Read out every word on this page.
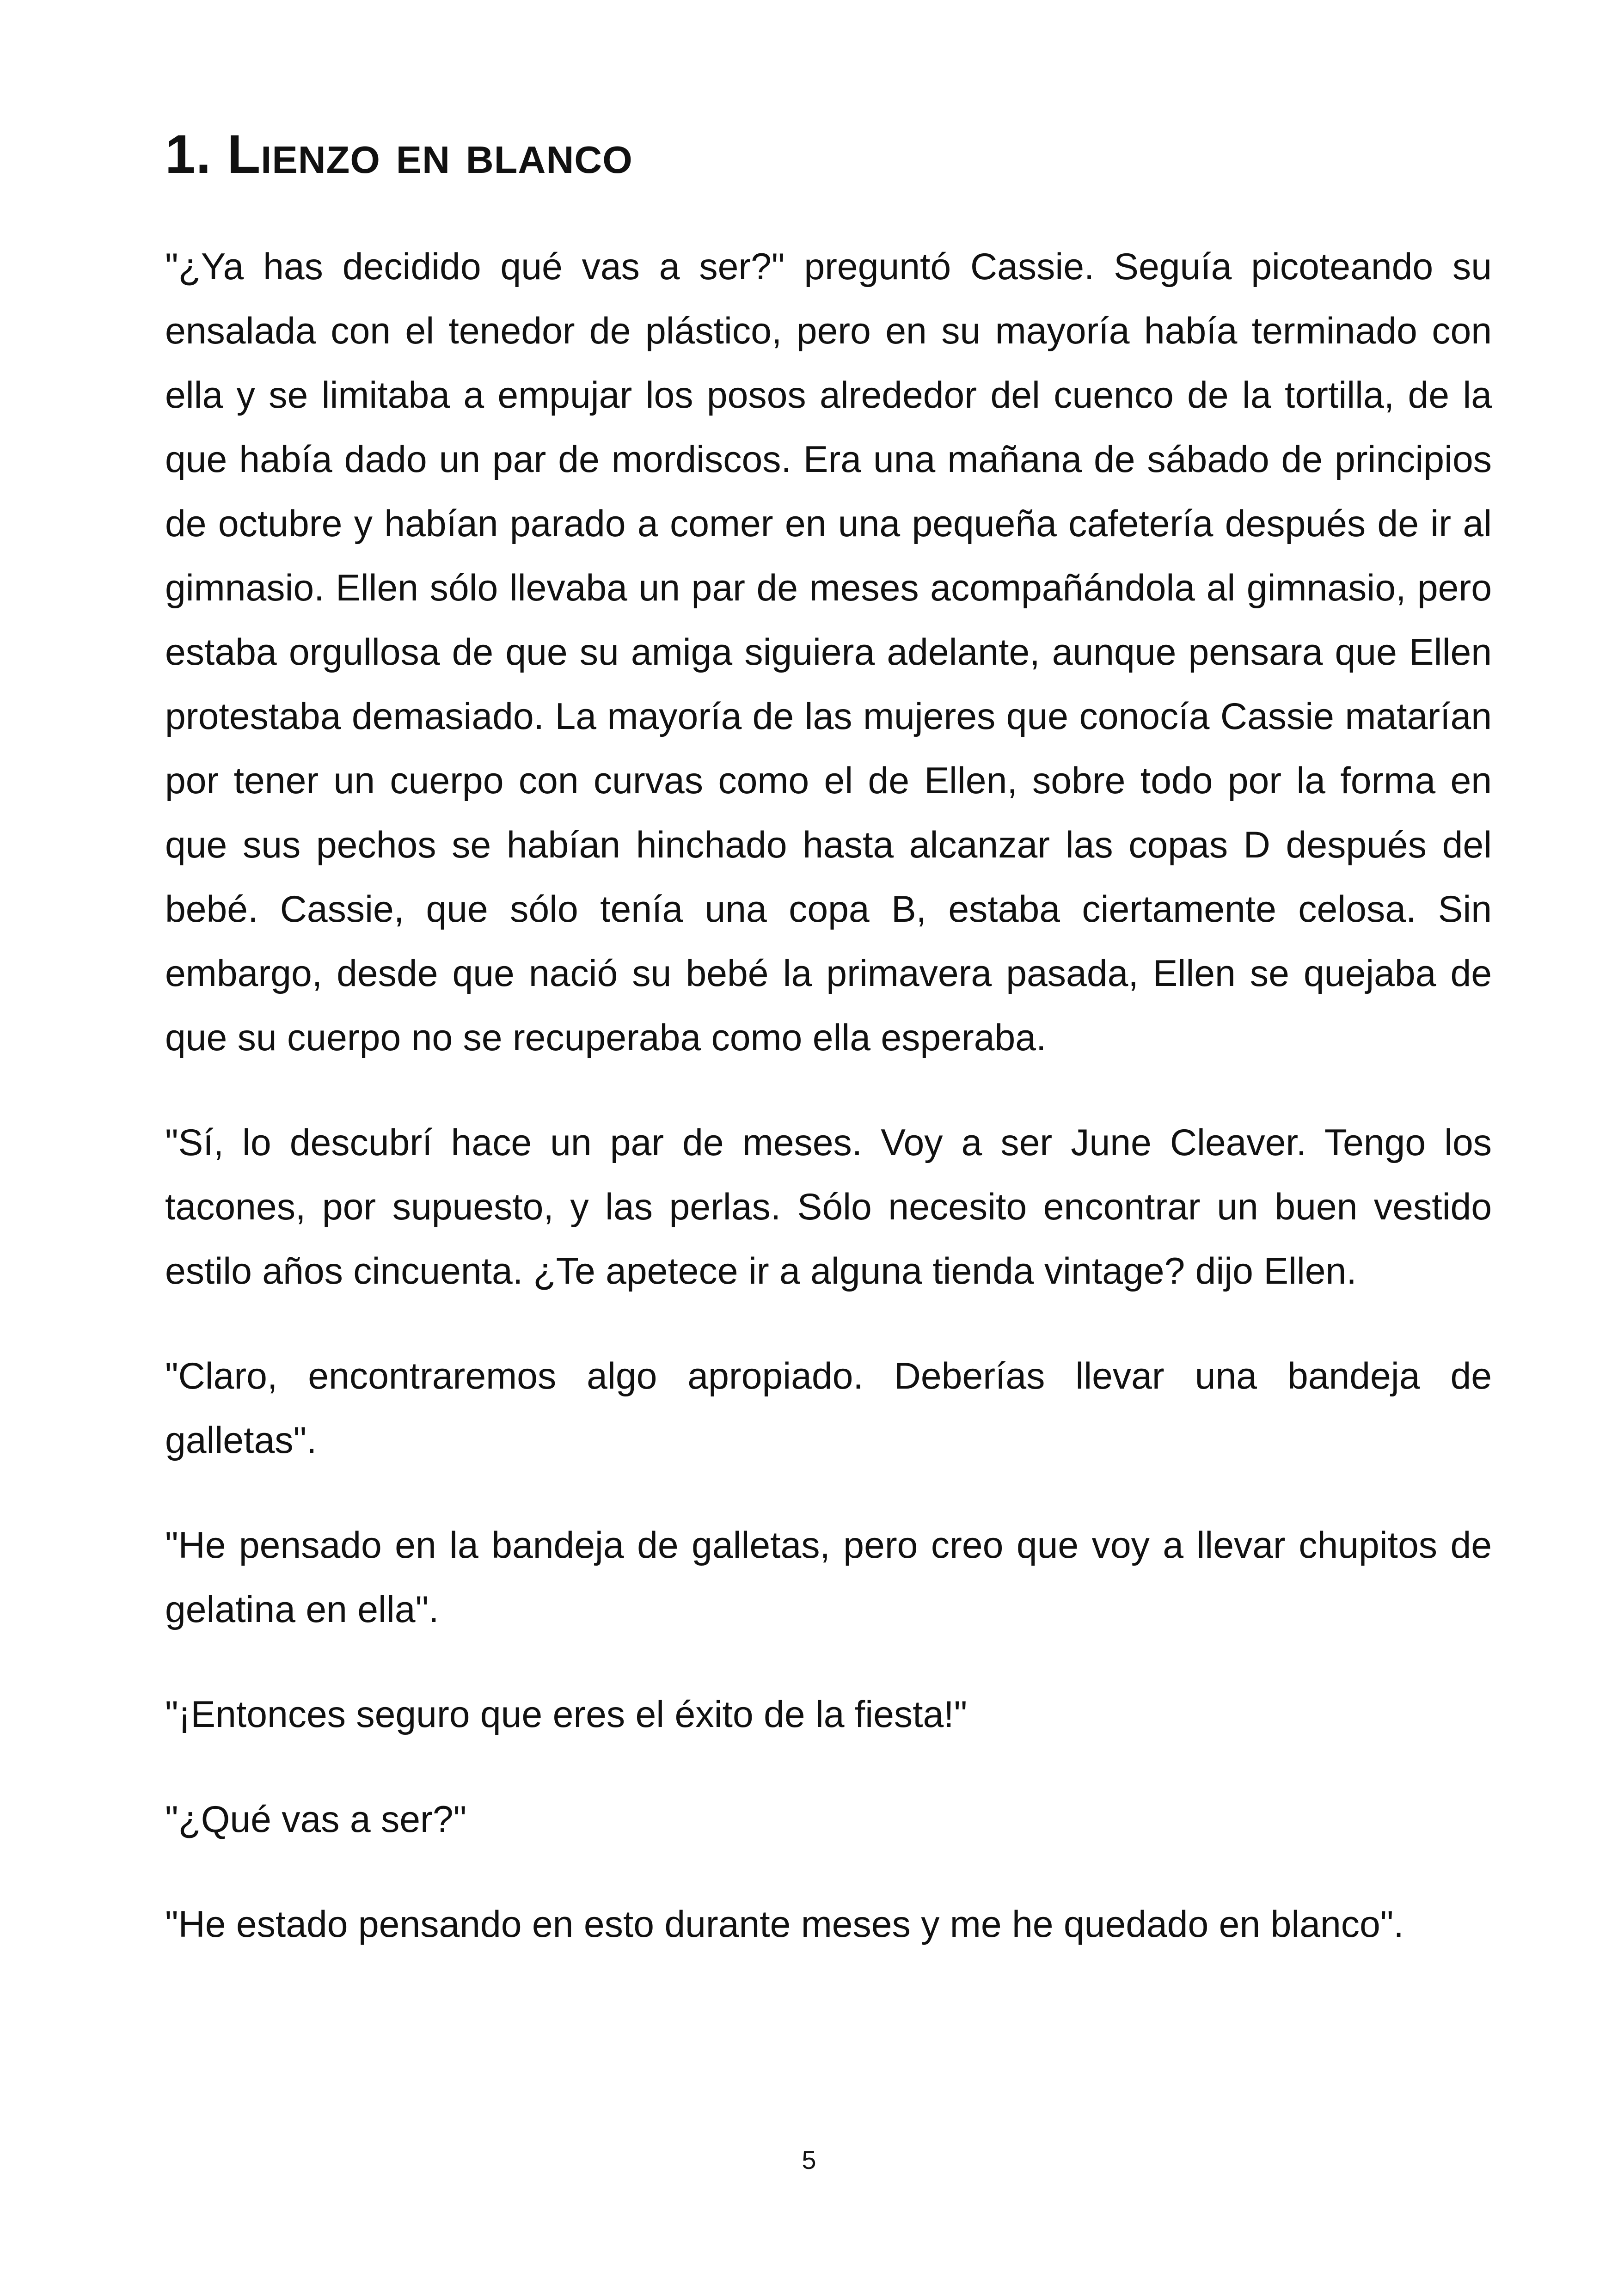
1. Lienzo en blanco

"¿Ya has decidido qué vas a ser?" preguntó Cassie. Seguía picoteando su ensalada con el tenedor de plástico, pero en su mayoría había terminado con ella y se limitaba a empujar los posos alrededor del cuenco de la tortilla, de la que había dado un par de mordiscos. Era una mañana de sábado de principios de octubre y habían parado a comer en una pequeña cafetería después de ir al gimnasio. Ellen sólo llevaba un par de meses acompañándola al gimnasio, pero estaba orgullosa de que su amiga siguiera adelante, aunque pensara que Ellen protestaba demasiado. La mayoría de las mujeres que conocía Cassie matarían por tener un cuerpo con curvas como el de Ellen, sobre todo por la forma en que sus pechos se habían hinchado hasta alcanzar las copas D después del bebé. Cassie, que sólo tenía una copa B, estaba ciertamente celosa. Sin embargo, desde que nació su bebé la primavera pasada, Ellen se quejaba de que su cuerpo no se recuperaba como ella esperaba.

"Sí, lo descubrí hace un par de meses. Voy a ser June Cleaver. Tengo los tacones, por supuesto, y las perlas. Sólo necesito encontrar un buen vestido estilo años cincuenta. ¿Te apetece ir a alguna tienda vintage? dijo Ellen.

"Claro, encontraremos algo apropiado. Deberías llevar una bandeja de galletas".

"He pensado en la bandeja de galletas, pero creo que voy a llevar chupitos de gelatina en ella".

"¡Entonces seguro que eres el éxito de la fiesta!"

"¿Qué vas a ser?"

"He estado pensando en esto durante meses y me he quedado en blanco".

5
